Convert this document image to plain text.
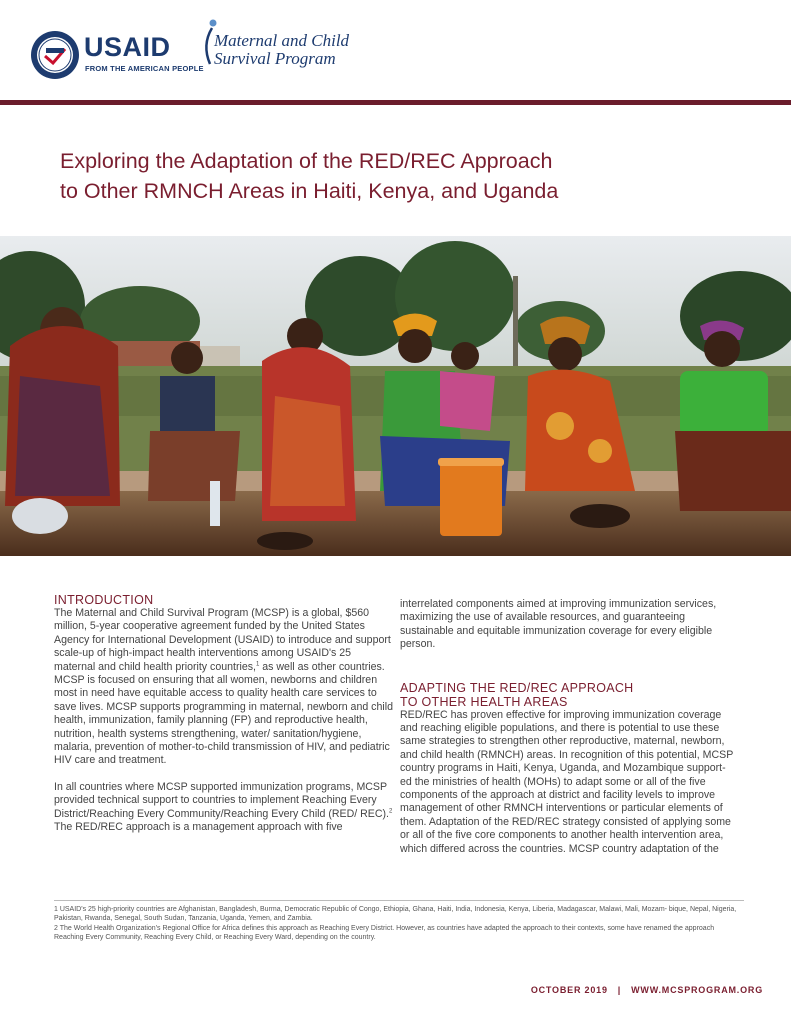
USAID
FROM THE AMERICAN PEOPLE
Maternal and Child
Survival Program
Exploring the Adaptation of the RED/REC Approach
to Other RMNCH Areas in Haiti, Kenya, and Uganda
Kate Holt/MCSP and Jhpiego
INTRODUCTION

The Maternal and Child Survival Program (MCSP) is a global, $560 million, 5-year cooperative agreement funded by the United States Agency for International Development (USAID) to introduce and support scale-up of high-impact health interventions among USAID's 25 maternal and child health priority countries,$^1$ as well as other countries. MCSP is focused on ensuring that all women, newborns and children most in need have equitable access to quality health care services to save lives. MCSP supports programming in maternal, newborn and child health, immunization, family planning (FP) and reproductive health, nutrition, health systems strengthening, water/ sanitation/hygiene, malaria, prevention of mother-to-child transmission of HIV, and pediatric HIV care and treatment.

In all countries where MCSP supported immunization programs, MCSP provided technical support to countries to implement Reaching Every District/Reaching Every Community/Reaching Every Child (RED/ REC).$^2$ The RED/REC approach is a management approach with five

interrelated components aimed at improving immunization services, maximizing the use of available resources, and guaranteeing sustainable and equitable immunization coverage for every eligible person.

ADAPTING THE RED/REC APPROACH
TO OTHER HEALTH AREAS

RED/REC has proven effective for improving immunization coverage and reaching eligible populations, and there is potential to use these same strategies to strengthen other reproductive, maternal, newborn, and child health (RMNCH) areas. In recognition of this potential, MCSP country programs in Haiti, Kenya, Uganda, and Mozambique support- ed the ministries of health (MOHs) to adapt some or all of the five components of the approach at district and facility levels to improve management of other RMNCH interventions or particular elements of them. Adaptation of the RED/REC strategy consisted of applying some or all of the five core components to another health intervention area, which differed across the countries. MCSP country adaptation of the

1 USAID's 25 high-priority countries are Afghanistan, Bangladesh, Burma, Democratic Republic of Congo, Ethiopia, Ghana, Haiti, India, Indonesia, Kenya, Liberia, Madagascar, Malawi, Mali, Mozam- bique, Nepal, Nigeria, Pakistan, Rwanda, Senegal, South Sudan, Tanzania, Uganda, Yemen, and Zambia.

2 The World Health Organization's Regional Office for Africa defines this approach as Reaching Every District. However, as countries have adapted the approach to their contexts, some have renamed the approach Reaching Every Community, Reaching Every Child, or Reaching Every Ward, depending on the country.

OCTOBER 2019 | WWW.MCSPROGRAM.ORG
